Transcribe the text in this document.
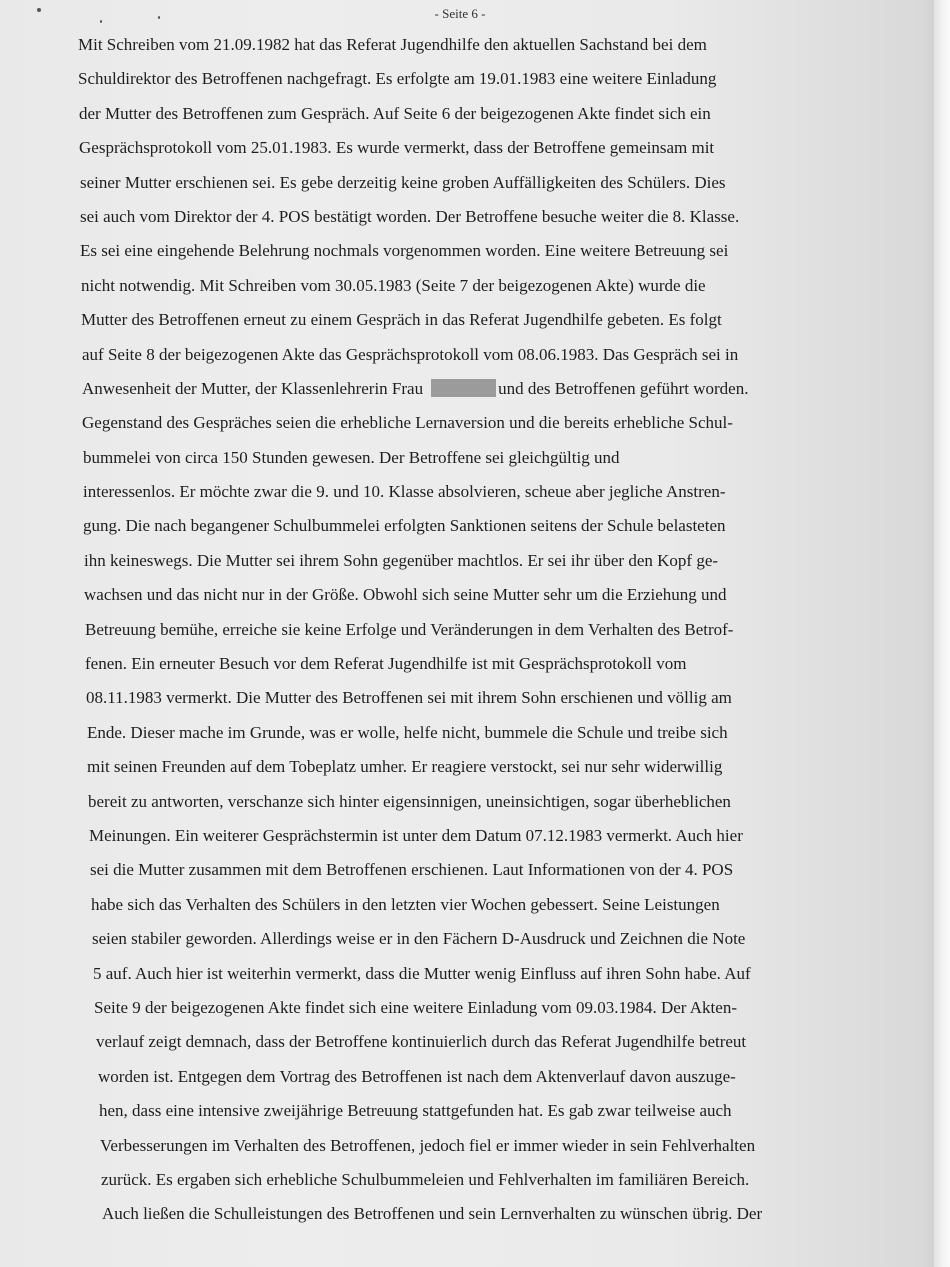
- Seite 6 -
Mit Schreiben vom 21.09.1982 hat das Referat Jugendhilfe den aktuellen Sachstand bei dem
Schuldirektor des Betroffenen nachgefragt. Es erfolgte am 19.01.1983 eine weitere Einladung
der Mutter des Betroffenen zum Gespräch. Auf Seite 6 der beigezogenen Akte findet sich ein
Gesprächsprotokoll vom 25.01.1983. Es wurde vermerkt, dass der Betroffene gemeinsam mit
seiner Mutter erschienen sei. Es gebe derzeitig keine groben Auffälligkeiten des Schülers. Dies
sei auch vom Direktor der 4. POS bestätigt worden. Der Betroffene besuche weiter die 8. Klasse.
Es sei eine eingehende Belehrung nochmals vorgenommen worden. Eine weitere Betreuung sei
nicht notwendig. Mit Schreiben vom 30.05.1983 (Seite 7 der beigezogenen Akte) wurde die
Mutter des Betroffenen erneut zu einem Gespräch in das Referat Jugendhilfe gebeten. Es folgt
auf Seite 8 der beigezogenen Akte das Gesprächsprotokoll vom 08.06.1983. Das Gespräch sei in
Anwesenheit der Mutter, der Klassenlehrerin Frau	und des Betroffenen geführt worden.
Gegenstand des Gespräches seien die erhebliche Lernaversion und die bereits erhebliche Schul-
bummelei von circa 150 Stunden gewesen. Der Betroffene sei gleichgültig und
interessenlos. Er möchte zwar die 9. und 10. Klasse absolvieren, scheue aber jegliche Anstren-
gung. Die nach begangener Schulbummelei erfolgten Sanktionen seitens der Schule belasteten
ihn keineswegs. Die Mutter sei ihrem Sohn gegenüber machtlos. Er sei ihr über den Kopf ge-
wachsen und das nicht nur in der Größe. Obwohl sich seine Mutter sehr um die Erziehung und
Betreuung bemühe, erreiche sie keine Erfolge und Veränderungen in dem Verhalten des Betrof-
fenen. Ein erneuter Besuch vor dem Referat Jugendhilfe ist mit Gesprächsprotokoll vom
08.11.1983 vermerkt. Die Mutter des Betroffenen sei mit ihrem Sohn erschienen und völlig am
Ende. Dieser mache im Grunde, was er wolle, helfe nicht, bummele die Schule und treibe sich
mit seinen Freunden auf dem Tobeplatz umher. Er reagiere verstockt, sei nur sehr widerwillig
bereit zu antworten, verschanze sich hinter eigensinnigen, uneinsichtigen, sogar überheblichen
Meinungen. Ein weiterer Gesprächstermin ist unter dem Datum 07.12.1983 vermerkt. Auch hier
sei die Mutter zusammen mit dem Betroffenen erschienen. Laut Informationen von der 4. POS
habe sich das Verhalten des Schülers in den letzten vier Wochen gebessert. Seine Leistungen
seien stabiler geworden. Allerdings weise er in den Fächern D-Ausdruck und Zeichnen die Note
5 auf. Auch hier ist weiterhin vermerkt, dass die Mutter wenig Einfluss auf ihren Sohn habe. Auf
Seite 9 der beigezogenen Akte findet sich eine weitere Einladung vom 09.03.1984. Der Akten-
verlauf zeigt demnach, dass der Betroffene kontinuierlich durch das Referat Jugendhilfe betreut
worden ist. Entgegen dem Vortrag des Betroffenen ist nach dem Aktenverlauf davon auszuge-
hen, dass eine intensive zweijährige Betreuung stattgefunden hat. Es gab zwar teilweise auch
Verbesserungen im Verhalten des Betroffenen, jedoch fiel er immer wieder in sein Fehlverhalten
zurück. Es ergaben sich erhebliche Schulbummeleien und Fehlverhalten im familiären Bereich.
Auch ließen die Schulleistungen des Betroffenen und sein Lernverhalten zu wünschen übrig. Der
